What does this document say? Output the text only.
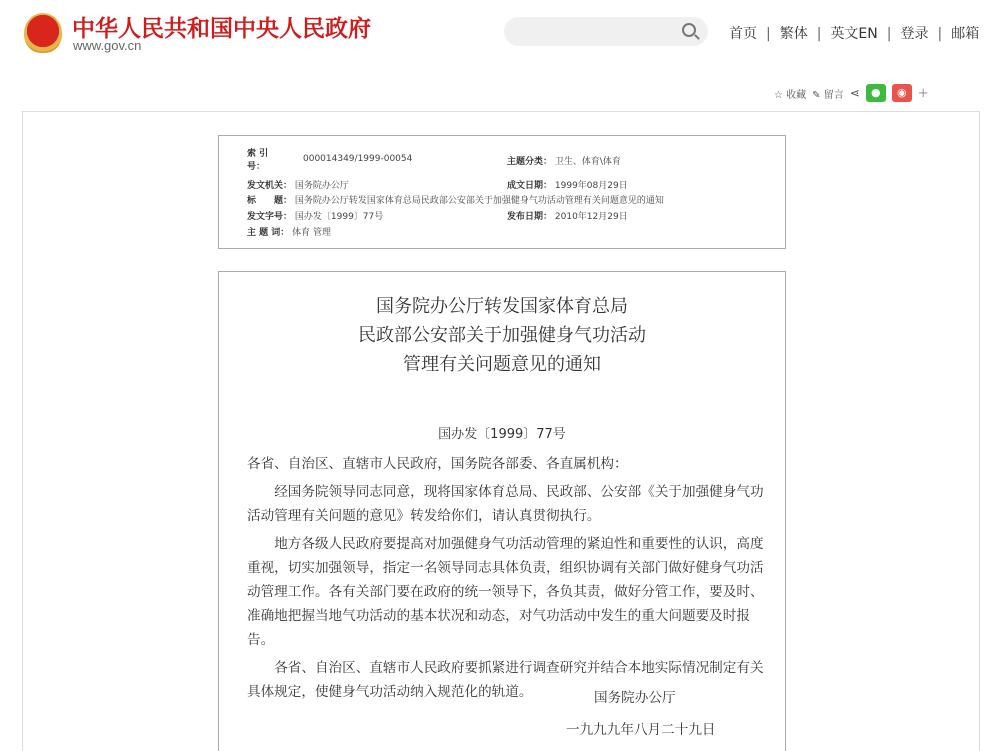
中华人民共和国中央人民政府
www.gov.cn
首页 | 繁体 | 英文EN | 登录 | 邮箱
☆ 收藏 ✎ 留言 ⋖	●	◉ +
索 引 号：
000014349/1999-00054	主题分类： 卫生、体育\体育
发文机关： 国务院办公厅	成文日期： 1999年08月29日
标　　题： 国务院办公厅转发国家体育总局民政部公安部关于加强健身气功活动管理有关问题意见的通知
发文字号： 国办发〔1999〕77号	发布日期： 2010年12月29日
主 题 词： 体育 管理
国务院办公厅转发国家体育总局
民政部公安部关于加强健身气功活动
管理有关问题意见的通知
国办发〔1999〕77号

各省、自治区、直辖市人民政府，国务院各部委、各直属机构：

经国务院领导同志同意，现将国家体育总局、民政部、公安部《关于加强健身气功活动管理有关问题的意见》转发给你们，请认真贯彻执行。

地方各级人民政府要提高对加强健身气功活动管理的紧迫性和重要性的认识，高度重视，切实加强领导，指定一名领导同志具体负责，组织协调有关部门做好健身气功活动管理工作。各有关部门要在政府的统一领导下，各负其责，做好分管工作，要及时、准确地把握当地气功活动的基本状况和动态，对气功活动中发生的重大问题要及时报告。

各省、自治区、直辖市人民政府要抓紧进行调查研究并结合本地实际情况制定有关具体规定，使健身气功活动纳入规范化的轨道。	国务院办公厅
一九九九年八月二十九日
